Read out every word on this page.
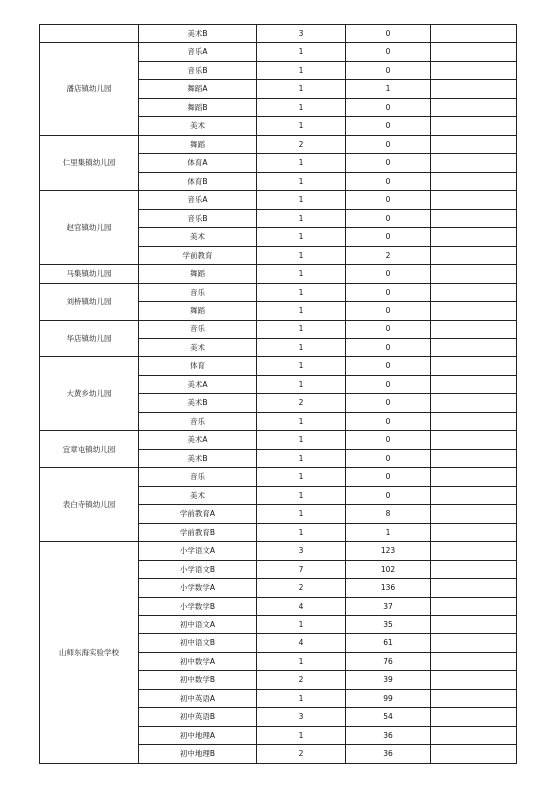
	美术B	3	0	
潘店镇幼儿园	音乐A	1	0	
	音乐B	1	0	
	舞蹈A	1	1	
	舞蹈B	1	0	
	美术	1	0	
仁里集镇幼儿园	舞蹈	2	0	
	体育A	1	0	
	体育B	1	0	
赵官镇幼儿园	音乐A	1	0	
	音乐B	1	0	
	美术	1	0	
	学前教育	1	2	
马集镇幼儿园	舞蹈	1	0	
刘桥镇幼儿园	音乐	1	0	
	舞蹈	1	0	
华店镇幼儿园	音乐	1	0	
	美术	1	0	
大黄乡幼儿园	体育	1	0	
	美术A	1	0	
	美术B	2	0	
	音乐	1	0	
宜章屯镇幼儿园	美术A	1	0	
	美术B	1	0	
表白寺镇幼儿园	音乐	1	0	
	美术	1	0	
	学前教育A	1	8	
	学前教育B	1	1	
山师东海实验学校	小学语文A	3	123	
	小学语文B	7	102	
	小学数学A	2	136	
	小学数学B	4	37	
	初中语文A	1	35	
	初中语文B	4	61	
	初中数学A	1	76	
	初中数学B	2	39	
	初中英语A	1	99	
	初中英语B	3	54	
	初中地理A	1	36	
	初中地理B	2	36	
